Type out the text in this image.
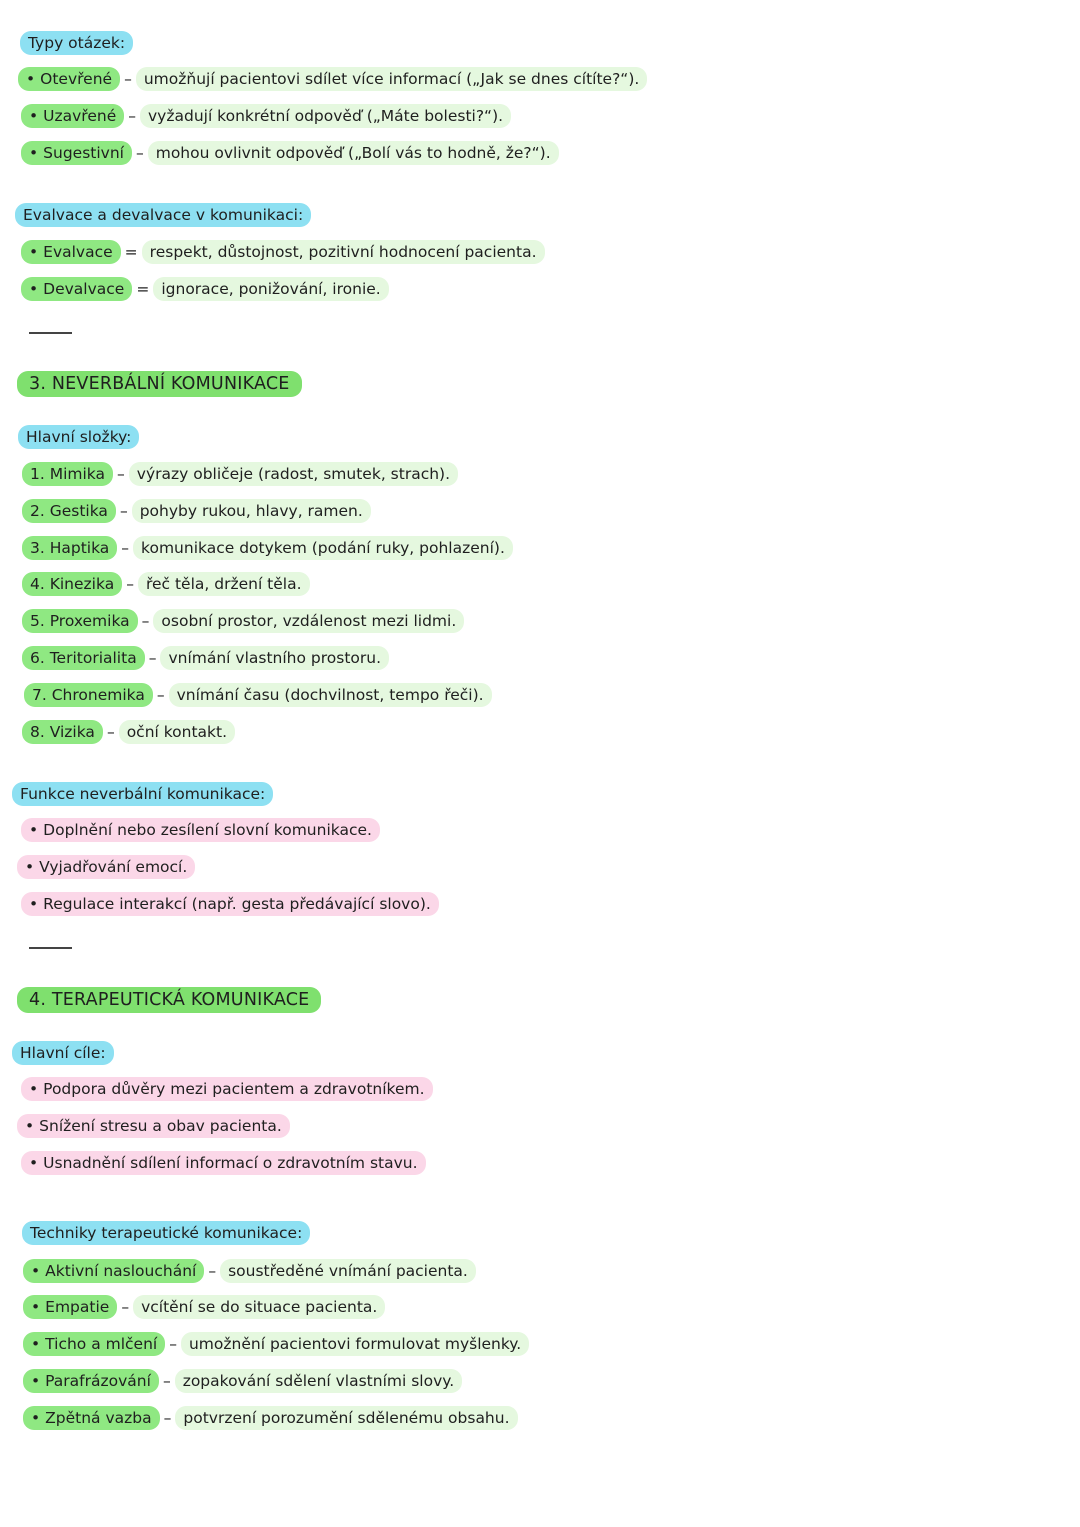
Typy otázek:
• Otevřené – umožňují pacientovi sdílet více informací („Jak se dnes cítíte?“).
• Uzavřené – vyžadují konkrétní odpověď („Máte bolesti?“).
• Sugestivní – mohou ovlivnit odpověď („Bolí vás to hodně, že?“).
Evalvace a devalvace v komunikaci:
• Evalvace = respekt, důstojnost, pozitivní hodnocení pacienta.
• Devalvace = ignorace, ponižování, ironie.
3. NEVERBÁLNÍ KOMUNIKACE
Hlavní složky:
1. Mimika – výrazy obličeje (radost, smutek, strach).
2. Gestika – pohyby rukou, hlavy, ramen.
3. Haptika – komunikace dotykem (podání ruky, pohlazení).
4. Kinezika – řeč těla, držení těla.
5. Proxemika – osobní prostor, vzdálenost mezi lidmi.
6. Teritorialita – vnímání vlastního prostoru.
7. Chronemika – vnímání času (dochvilnost, tempo řeči).
8. Vizika – oční kontakt.
Funkce neverbální komunikace:
• Doplnění nebo zesílení slovní komunikace.
• Vyjadřování emocí.
• Regulace interakcí (např. gesta předávající slovo).
4. TERAPEUTICKÁ KOMUNIKACE
Hlavní cíle:
• Podpora důvěry mezi pacientem a zdravotníkem.
• Snížení stresu a obav pacienta.
• Usnadnění sdílení informací o zdravotním stavu.
Techniky terapeutické komunikace:
• Aktivní naslouchání – soustředěné vnímání pacienta.
• Empatie – vcítění se do situace pacienta.
• Ticho a mlčení – umožnění pacientovi formulovat myšlenky.
• Parafrázování – zopakování sdělení vlastními slovy.
• Zpětná vazba – potvrzení porozumění sdělenému obsahu.
